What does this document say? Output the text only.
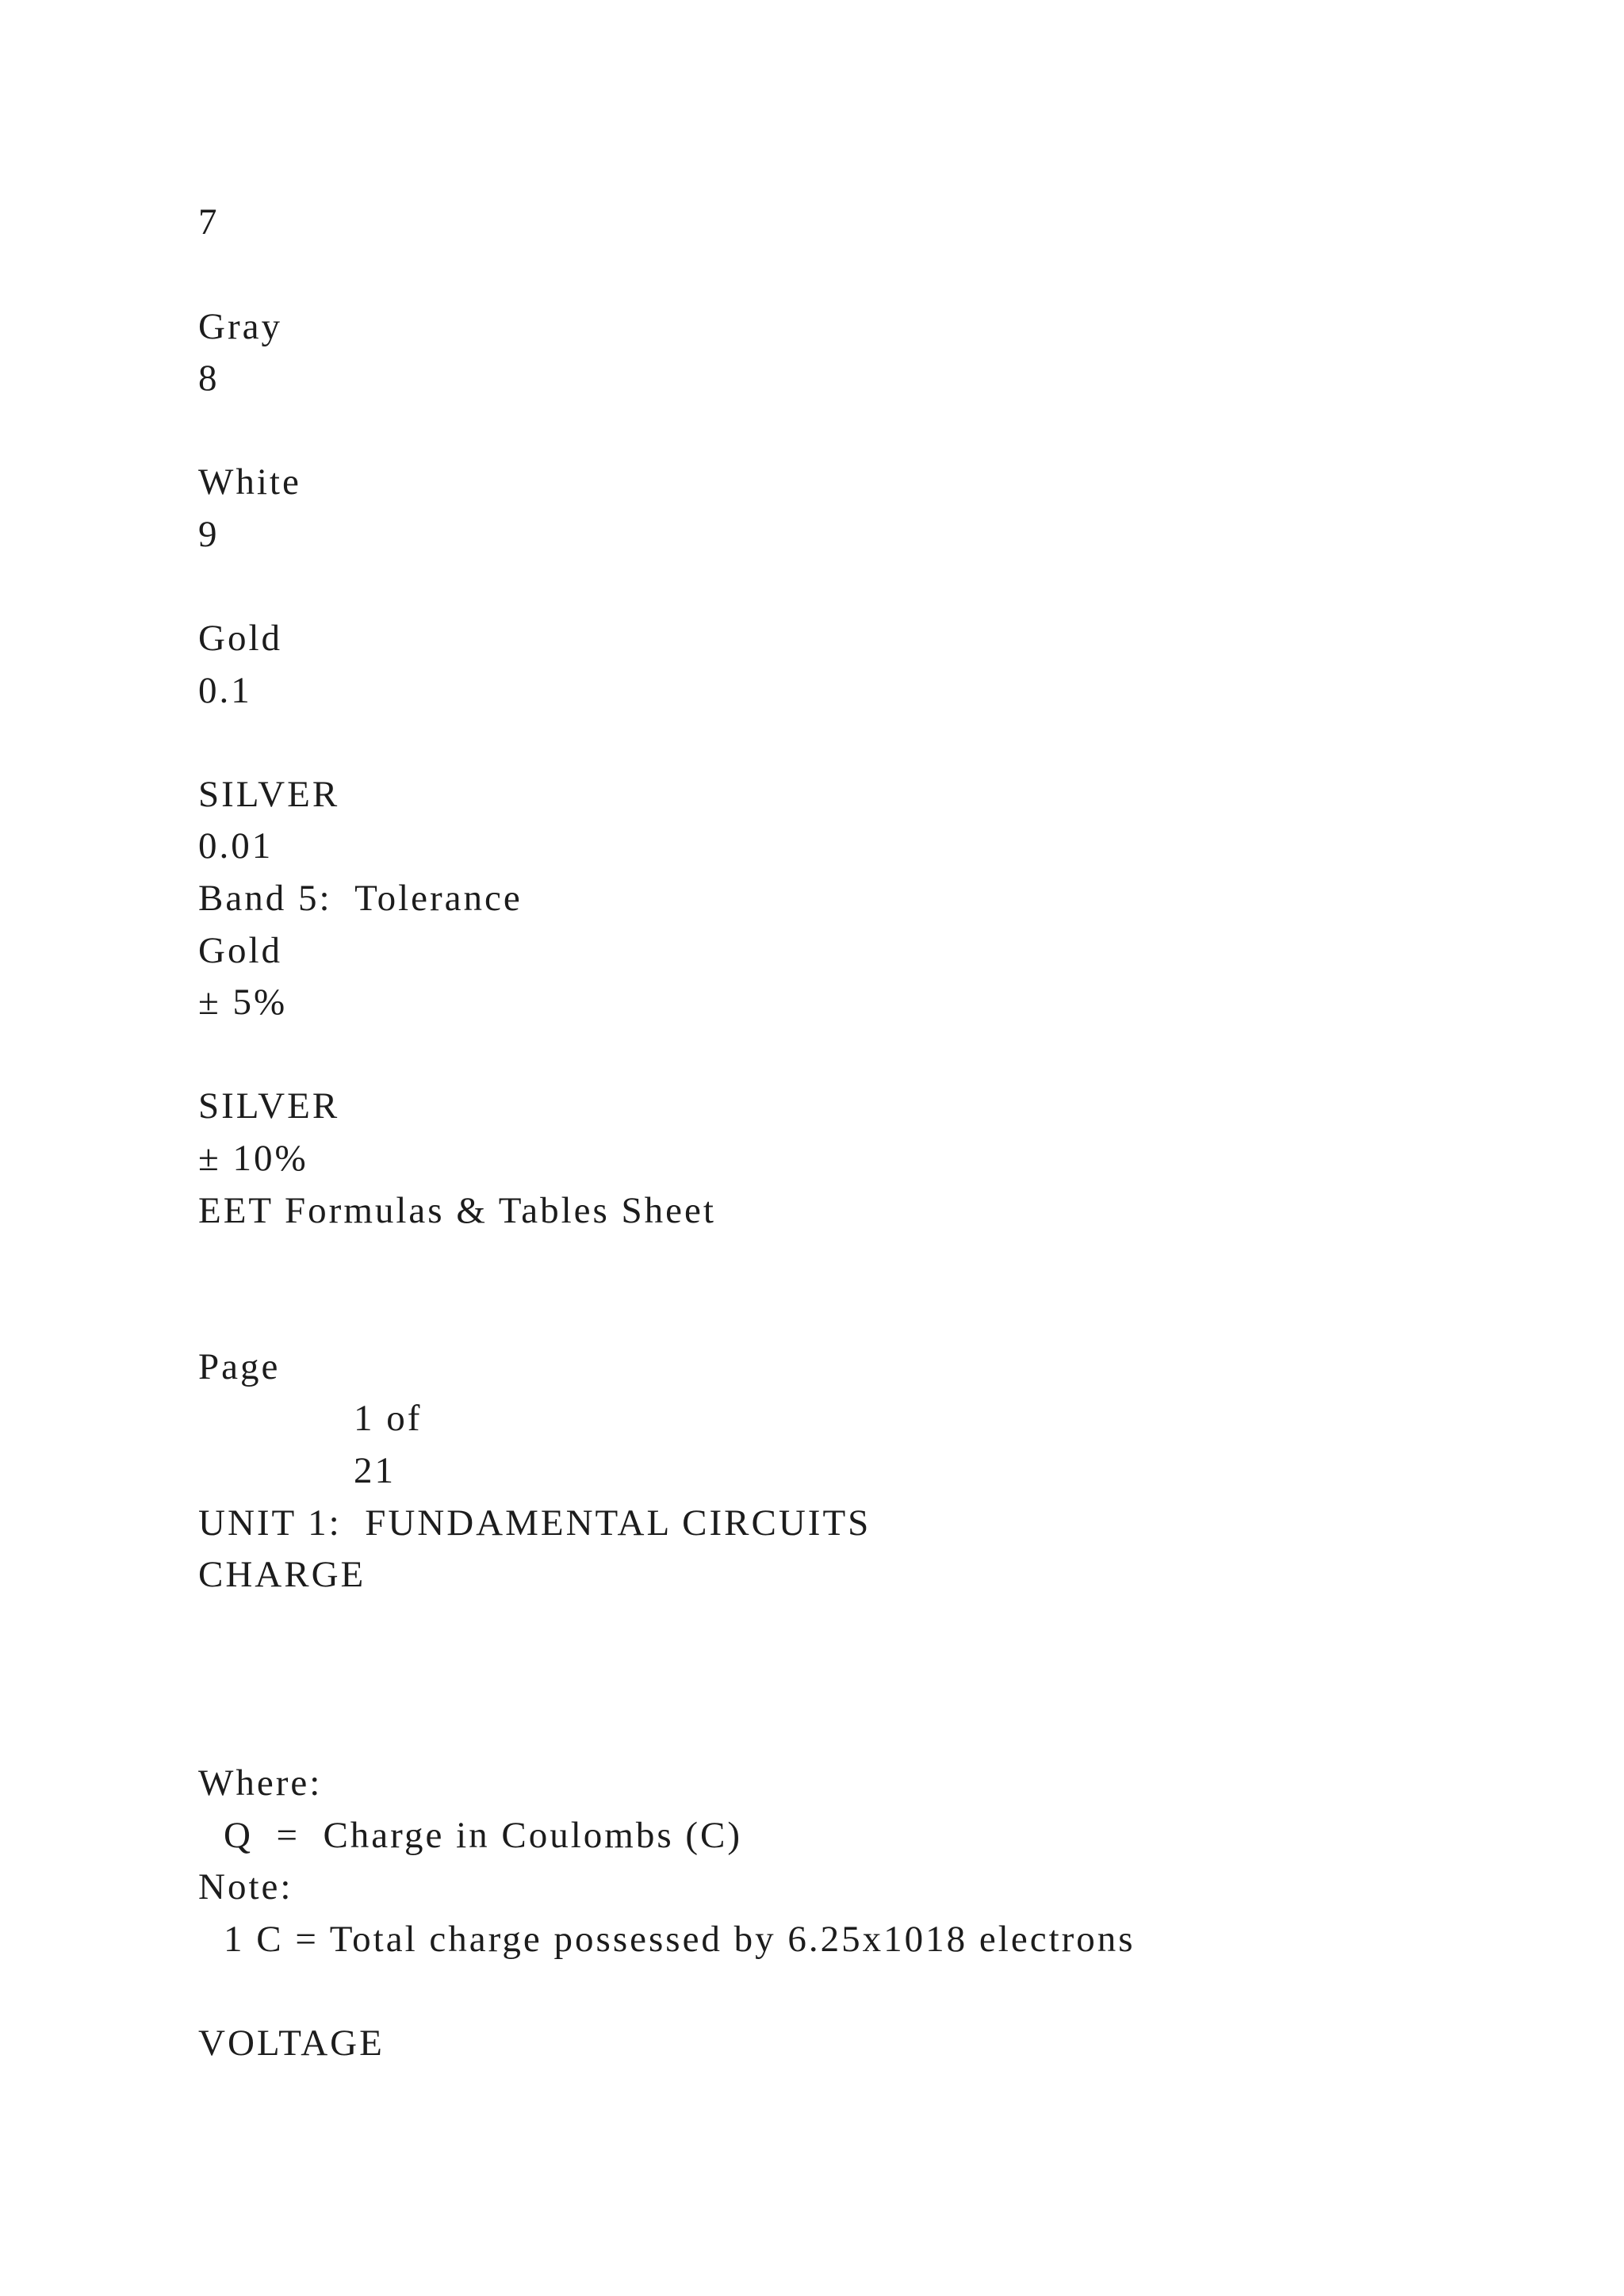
7

Gray

8

White

9

Gold

0.1

SILVER

0.01

Band 5:  Tolerance

Gold

± 5%

SILVER

± 10%

EET Formulas & Tables Sheet

Page

1 of

21

UNIT 1:  FUNDAMENTAL CIRCUITS

CHARGE

Where:

Q  =  Charge in Coulombs (C)

Note:

1 C = Total charge possessed by 6.25x1018 electrons

VOLTAGE
